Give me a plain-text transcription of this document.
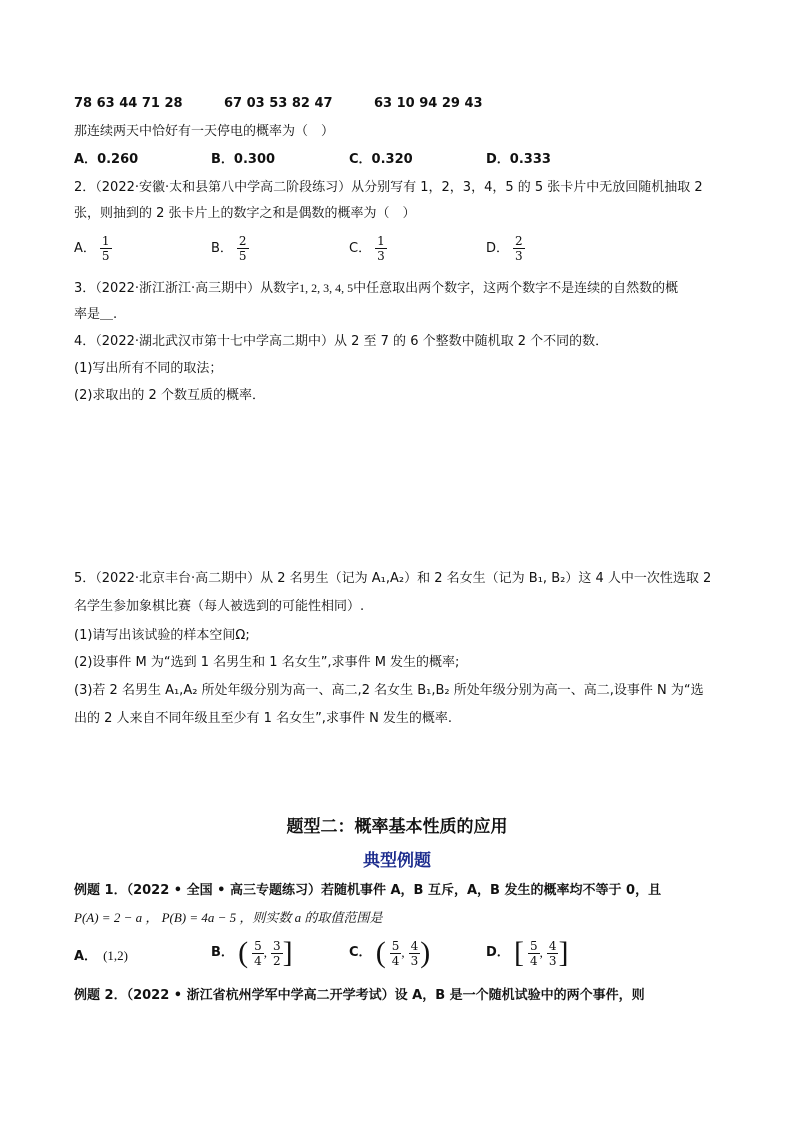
78 63 44 71 28	67 03 53 82 47	63 10 94 29 43
那连续两天中恰好有一天停电的概率为（　）
A．0.260	B．0.300	C．0.320	D．0.333
2．（2022·安徽·太和县第八中学高二阶段练习）从分别写有 1，2，3，4，5 的 5 张卡片中无放回随机抽取 2
张，则抽到的 2 张卡片上的数字之和是偶数的概率为（　）
A． $\frac{1}{5}$	B． $\frac{2}{5}$	C． $\frac{1}{3}$	D． $\frac{2}{3}$
3．（2022·浙江浙江·高三期中）从数字1, 2, 3, 4, 5中任意取出两个数字，这两个数字不是连续的自然数的概
率是＿.
4．（2022·湖北武汉市第十七中学高二期中）从 2 至 7 的 6 个整数中随机取 2 个不同的数．
(1)写出所有不同的取法；
(2)求取出的 2 个数互质的概率．
5．（2022·北京丰台·高二期中）从 2 名男生（记为 A₁,A₂）和 2 名女生（记为 B₁, B₂）这 4 人中一次性选取 2
名学生参加象棋比赛（每人被选到的可能性相同）.
(1)请写出该试验的样本空间Ω;
(2)设事件 M 为“选到 1 名男生和 1 名女生”,求事件 M 发生的概率;
(3)若 2 名男生 A₁,A₂ 所处年级分别为高一、高二,2 名女生 B₁,B₂ 所处年级分别为高一、高二,设事件 N 为“选
出的 2 人来自不同年级且至少有 1 名女生”,求事件 N 发生的概率.
题型二：概率基本性质的应用
典型例题
例题 1．（2022 • 全国 • 高三专题练习）若随机事件 A，B 互斥，A，B 发生的概率均不等于 0，且
P(A) = 2 − a ， P(B) = 4a − 5 ，则实数 a 的取值范围是
A． (1,2)	B． ( $\frac{5}{4}$ , $\frac{3}{2}$ ]	C． ( $\frac{5}{4}$ , $\frac{4}{3}$ )	D． [ $\frac{5}{4}$ , $\frac{4}{3}$ ]
例题 2．（2022 • 浙江省杭州学军中学高二开学考试）设 A，B 是一个随机试验中的两个事件，则
